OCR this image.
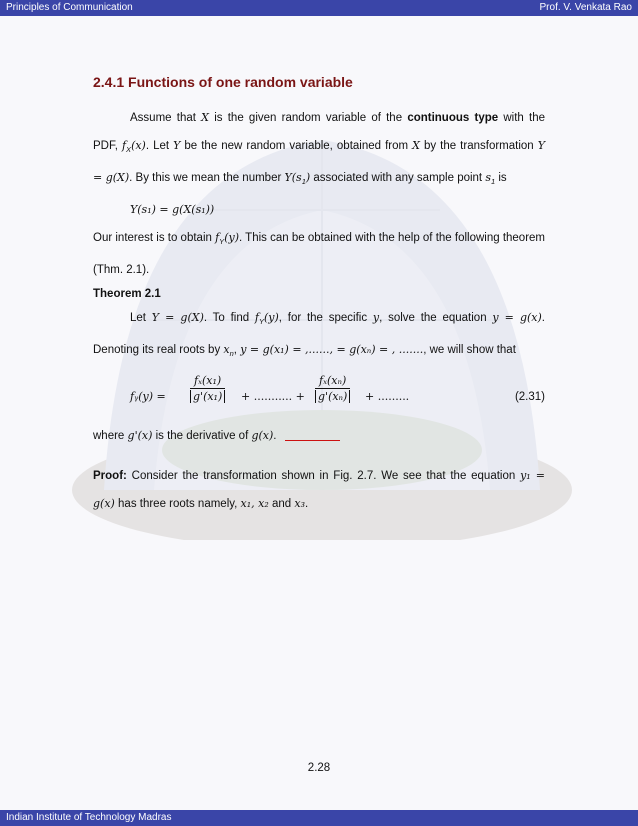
Principles of Communication	Prof. V. Venkata Rao
2.4.1 Functions of one random variable

Assume that X is the given random variable of the continuous type with the PDF, $f_X(x)$. Let Y be the new random variable, obtained from X by the transformation Y = g(X). By this we mean the number $Y(s_1)$ associated with any sample point $s_1$ is

Y(s₁) = g(X(s₁))

Our interest is to obtain $f_Y(y)$. This can be obtained with the help of the following theorem (Thm. 2.1).

Theorem 2.1

Let Y = g(X). To find $f_Y(y)$, for the specific y, solve the equation y = g(x). Denoting its real roots by $x_n$, y = g(x₁) = ,......, = g(xₙ) = , ......., we will show that

fᵧ(y) = $\frac{\text{fₓ(x₁)}}{\text{g'(x₁)}}$ + ........... + $\frac{\text{fₓ(xₙ)}}{\text{g'(xₙ)}}$ + .........	(2.31)

where g'(x) is the derivative of g(x).

Proof: Consider the transformation shown in Fig. 2.7. We see that the equation y₁ = g(x) has three roots namely, x₁, x₂ and x₃.

2.28
Indian Institute of Technology Madras
